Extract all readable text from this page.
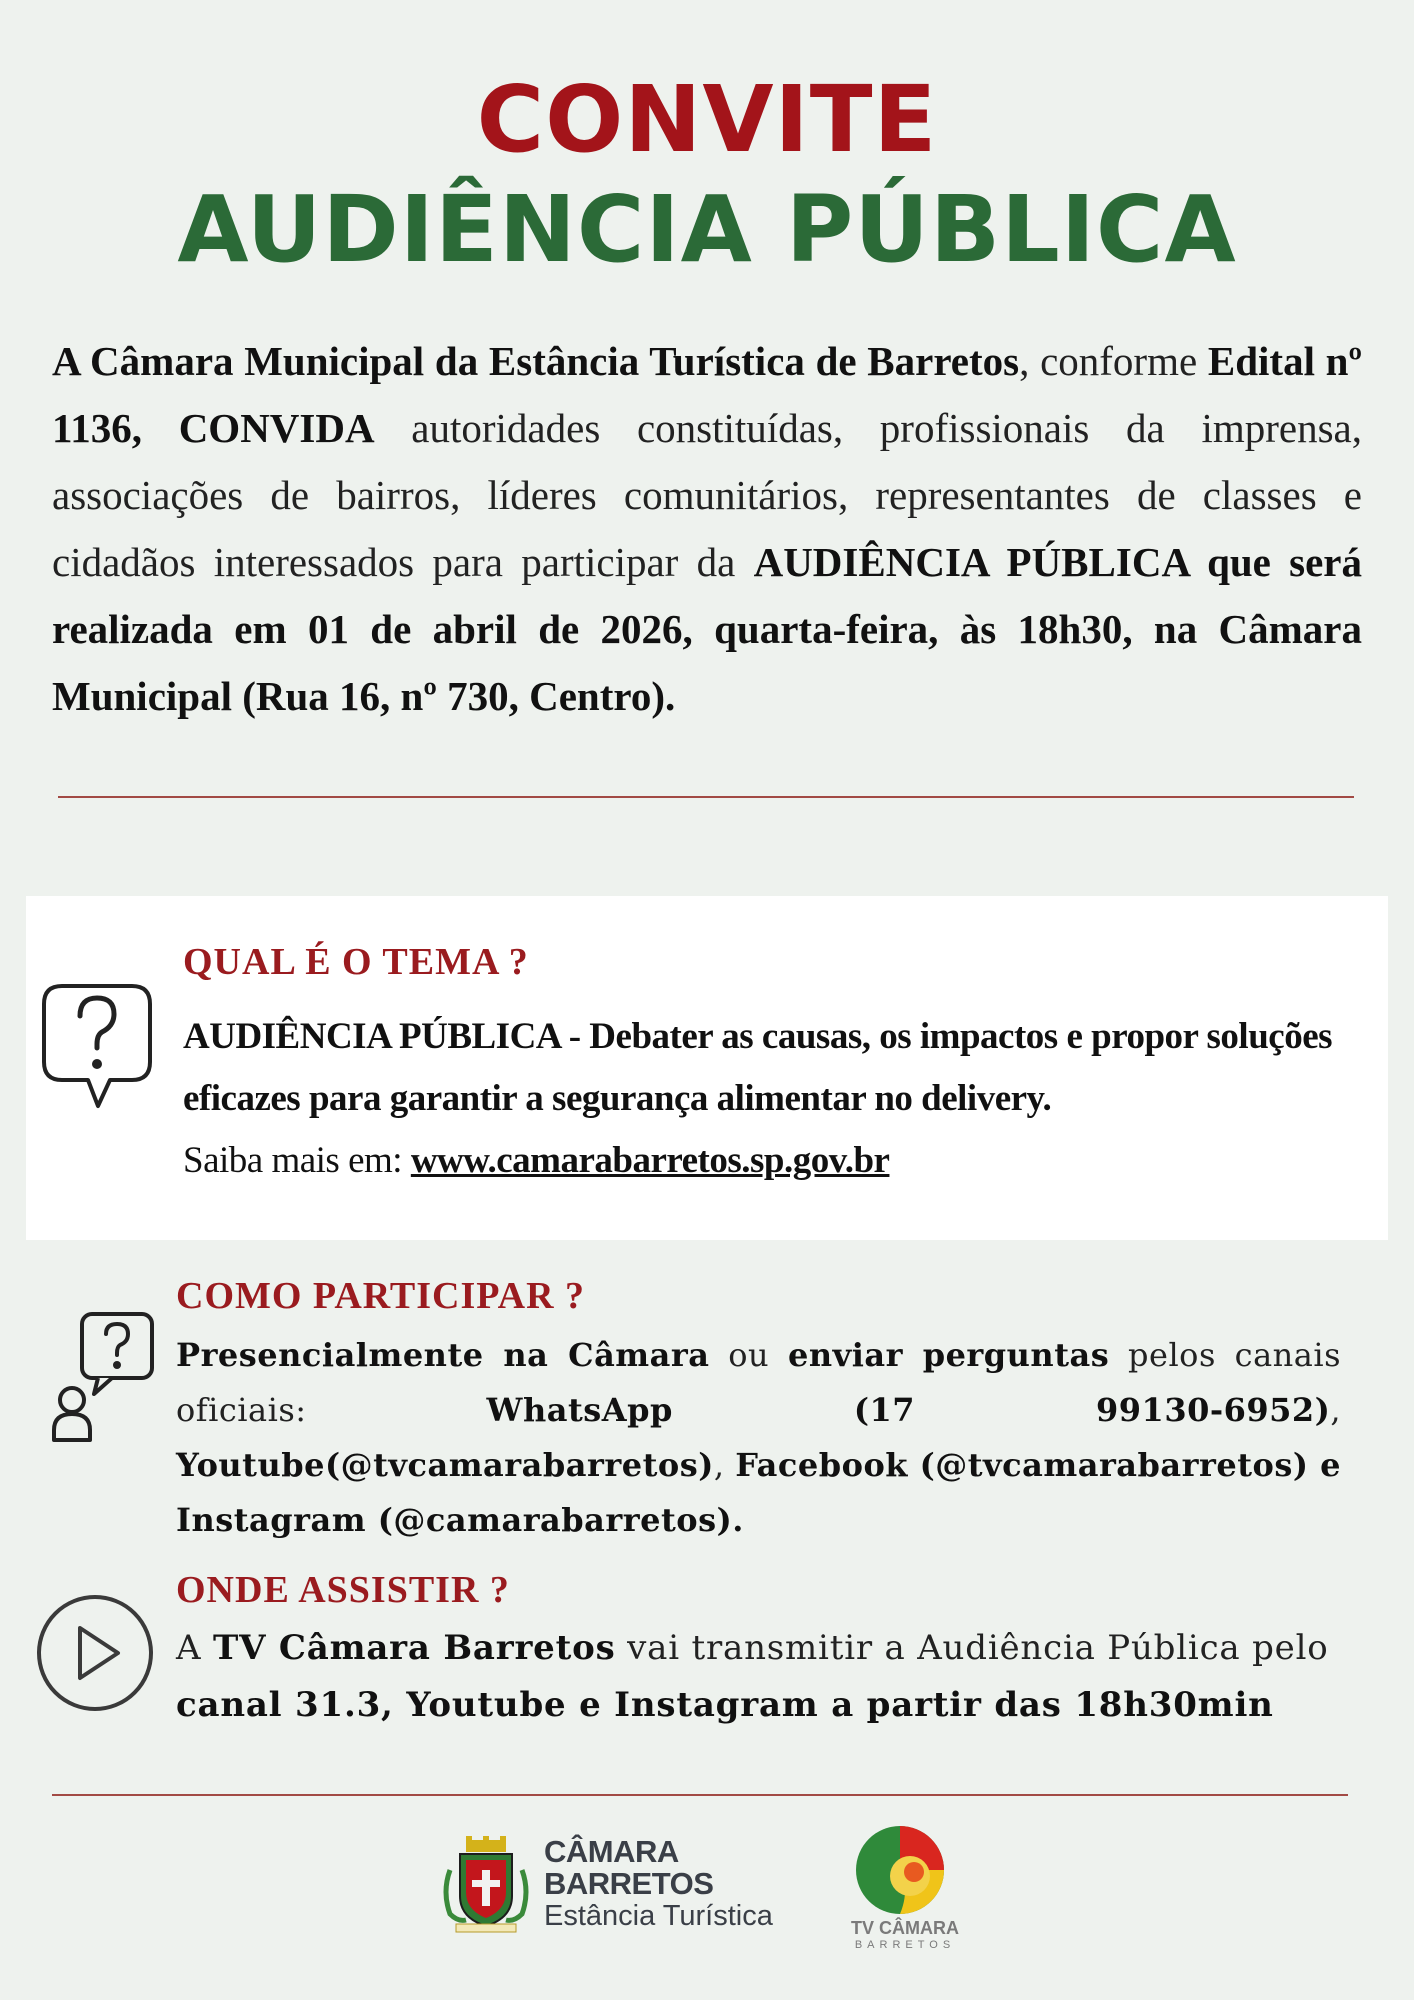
CONVITE
AUDIÊNCIA PÚBLICA
A Câmara Municipal da Estância Turística de Barretos, conforme Edital nº 1136, CONVIDA autoridades constituídas, profissionais da imprensa, associações de bairros, líderes comunitários, representantes de classes e cidadãos interessados para participar da AUDIÊNCIA PÚBLICA que será realizada em 01 de abril de 2026, quarta-feira, às 18h30, na Câmara Municipal (Rua 16, nº 730, Centro).
QUAL É O TEMA ?
AUDIÊNCIA PÚBLICA - Debater as causas, os impactos e propor soluções eficazes para garantir a segurança alimentar no delivery.
Saiba mais em: www.camarabarretos.sp.gov.br
COMO PARTICIPAR ?
Presencialmente na Câmara ou enviar perguntas pelos canais oficiais: WhatsApp (17 99130-6952), Youtube(@tvcamarabarretos), Facebook (@tvcamarabarretos) e Instagram (@camarabarretos).
ONDE ASSISTIR ?
A TV Câmara Barretos vai transmitir a Audiência Pública pelo canal 31.3, Youtube e Instagram a partir das 18h30min
CÂMARA
BARRETOS
Estância Turística	TV CÂMARA
BARRETOS
